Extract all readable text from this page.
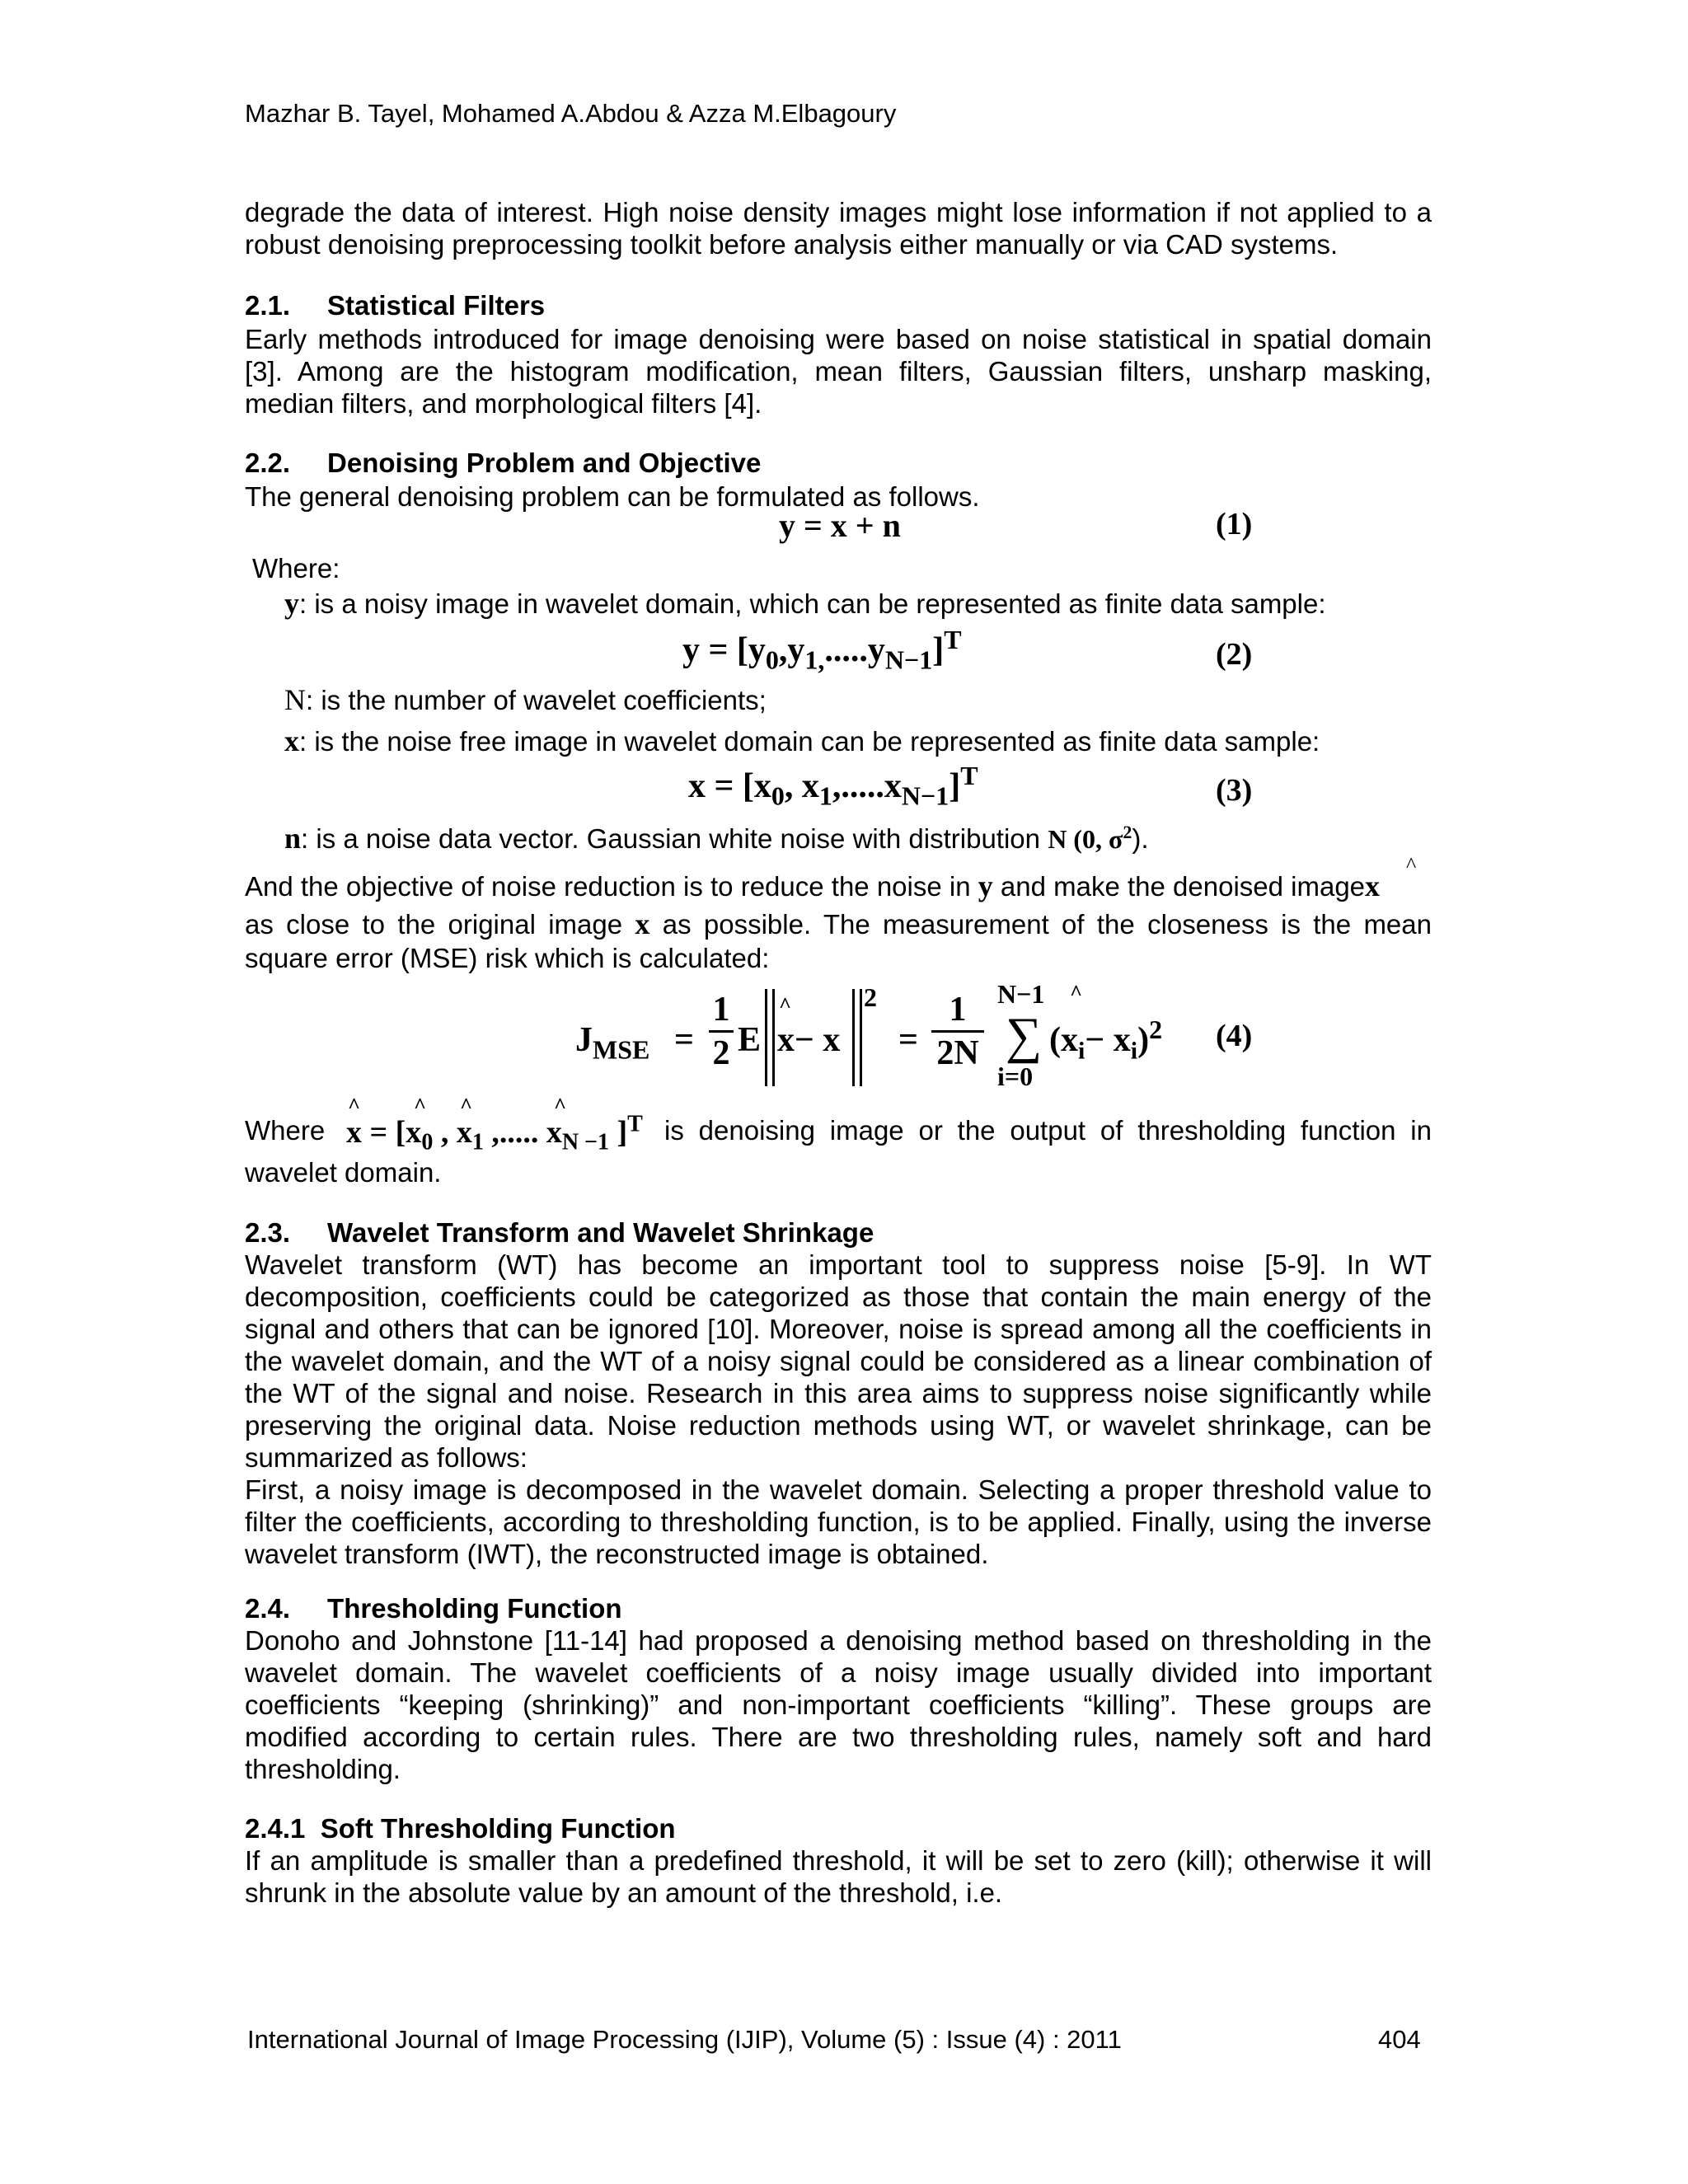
Mazhar B. Tayel, Mohamed A.Abdou & Azza M.Elbagoury
degrade the data of interest. High noise density images might lose information if not applied to a
robust denoising preprocessing toolkit before analysis either manually or via CAD systems.
2.1. Statistical Filters
Early methods introduced for image denoising were based on noise statistical in spatial domain
[3]. Among are the histogram modification, mean filters, Gaussian filters, unsharp masking,
median filters, and morphological filters [4].
2.2. Denoising Problem and Objective
The general denoising problem can be formulated as follows.
y = x + n	(1)
Where:
y: is a noisy image in wavelet domain, which can be represented as finite data sample:
$y = [y_0,y_{1,}.....y_{N-1}]^T$	(2)
N: is the number of wavelet coefficients;
x: is the noise free image in wavelet domain can be represented as finite data sample:
$x = [x_0$, $x_1,.....x_{N-1}]^T$	(3)
n: is a noise data vector. Gaussian white noise with distribution N (0, $\sigma^2$).
^
And the objective of noise reduction is to reduce the noise in y and make the denoised imagex
as close to the original image x as possible. The measurement of the closeness is the mean
square error (MSE) risk which is calculated:
$J_{MSE}$ =
1
2 E
^
x− x
2
=
1
2N
N−1
∑
i=0
^
$(x_i- x_i)^2$ (4)
Where
^ ^ ^	^
$x = [x_0$ , $x_1$ ,..... $x_{N -1}$ ]$^T$ is denoising image or the output of thresholding function in
wavelet domain.
2.3. Wavelet Transform and Wavelet Shrinkage
Wavelet transform (WT) has become an important tool to suppress noise [5-9]. In WT
decomposition, coefficients could be categorized as those that contain the main energy of the
signal and others that can be ignored [10]. Moreover, noise is spread among all the coefficients in
the wavelet domain, and the WT of a noisy signal could be considered as a linear combination of
the WT of the signal and noise. Research in this area aims to suppress noise significantly while
preserving the original data. Noise reduction methods using WT, or wavelet shrinkage, can be
summarized as follows:
First, a noisy image is decomposed in the wavelet domain. Selecting a proper threshold value to
filter the coefficients, according to thresholding function, is to be applied. Finally, using the inverse
wavelet transform (IWT), the reconstructed image is obtained.
2.4. Thresholding Function
Donoho and Johnstone [11-14] had proposed a denoising method based on thresholding in the
wavelet domain. The wavelet coefficients of a noisy image usually divided into important
coefficients “keeping (shrinking)” and non-important coefficients “killing”. These groups are
modified according to certain rules. There are two thresholding rules, namely soft and hard
thresholding.
2.4.1  Soft Thresholding Function
If an amplitude is smaller than a predefined threshold, it will be set to zero (kill); otherwise it will
shrunk in the absolute value by an amount of the threshold, i.e.
International Journal of Image Processing (IJIP), Volume (5) : Issue (4) : 2011	404
